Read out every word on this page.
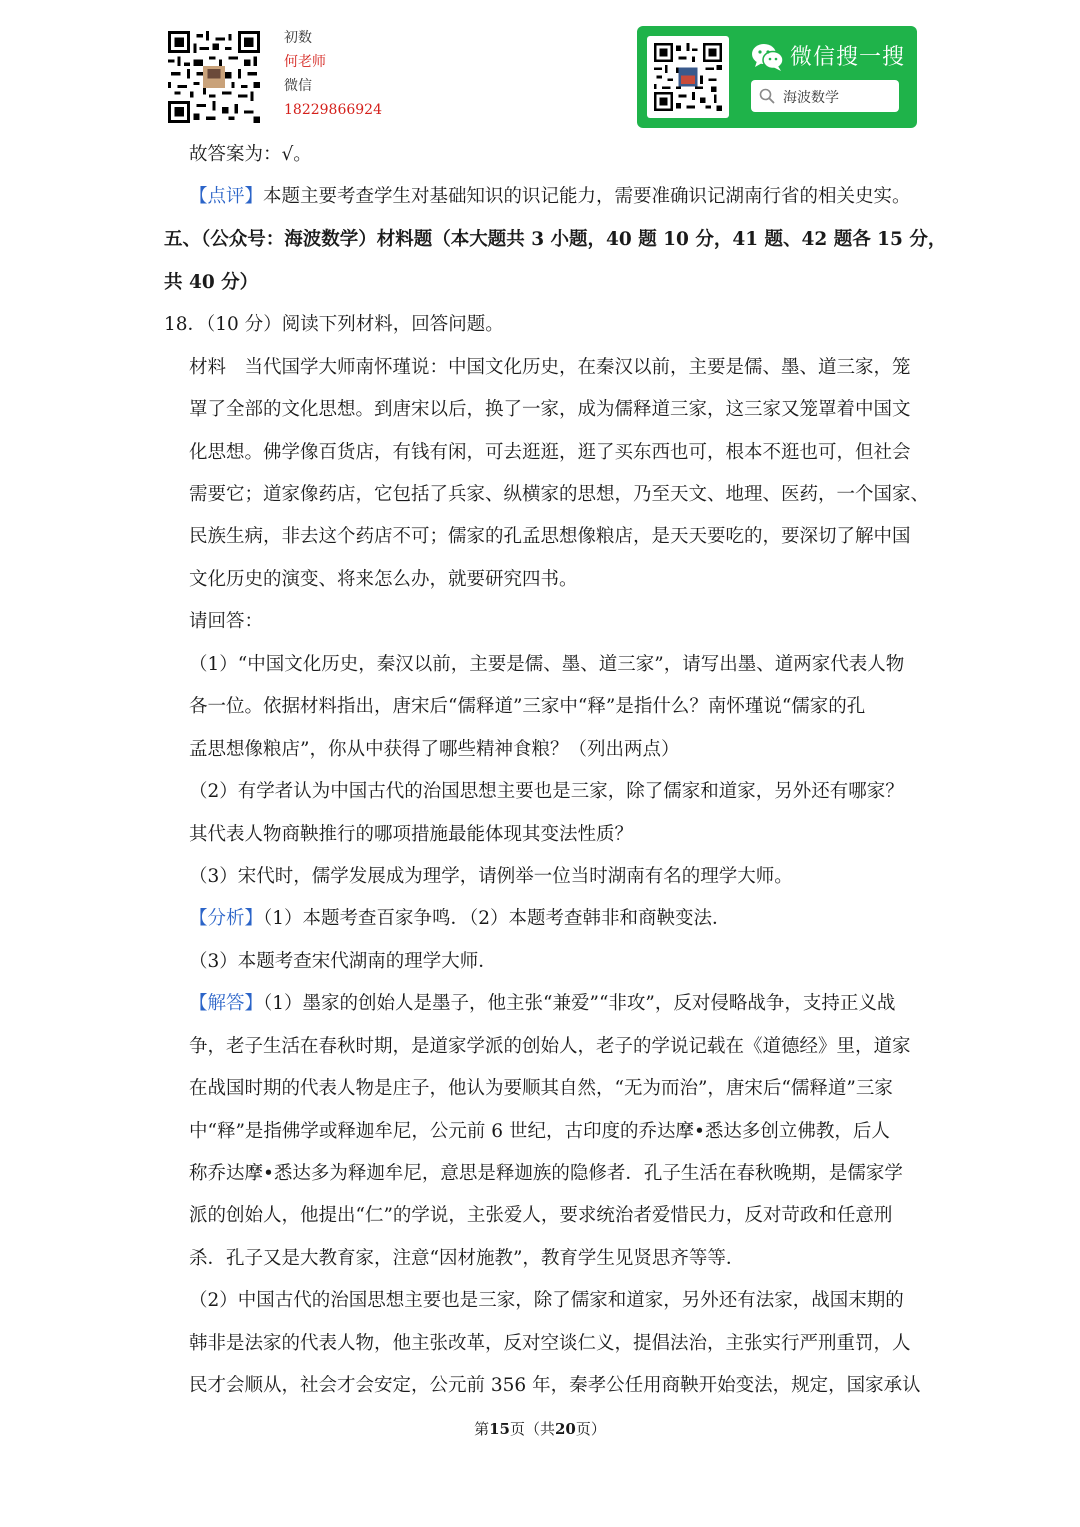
初数
何老师
微信
18229866924
微信搜一搜
海波数学
故答案为：√。
【点评】本题主要考查学生对基础知识的识记能力，需要准确识记湖南行省的相关史实。
五、（公众号：海波数学）材料题（本大题共 3 小题，40 题 10 分，41 题、42 题各 15 分，
共 40 分）
18．（10 分）阅读下列材料，回答问题。
材料　当代国学大师南怀瑾说：中国文化历史，在秦汉以前，主要是儒、墨、道三家，笼
罩了全部的文化思想。到唐宋以后，换了一家，成为儒释道三家，这三家又笼罩着中国文
化思想。佛学像百货店，有钱有闲，可去逛逛，逛了买东西也可，根本不逛也可，但社会
需要它；道家像药店，它包括了兵家、纵横家的思想，乃至天文、地理、医药，一个国家、
民族生病，非去这个药店不可；儒家的孔孟思想像粮店，是天天要吃的，要深切了解中国
文化历史的演变、将来怎么办，就要研究四书。
请回答：
（1）“中国文化历史，秦汉以前，主要是儒、墨、道三家”，请写出墨、道两家代表人物
各一位。依据材料指出，唐宋后“儒释道”三家中“释”是指什么？南怀瑾说“儒家的孔
孟思想像粮店”，你从中获得了哪些精神食粮？（列出两点）
（2）有学者认为中国古代的治国思想主要也是三家，除了儒家和道家，另外还有哪家？
其代表人物商鞅推行的哪项措施最能体现其变法性质？
（3）宋代时，儒学发展成为理学，请例举一位当时湖南有名的理学大师。
【分析】（1）本题考查百家争鸣．（2）本题考查韩非和商鞅变法．
（3）本题考查宋代湖南的理学大师．
【解答】（1）墨家的创始人是墨子，他主张“兼爱”“非攻”，反对侵略战争，支持正义战
争，老子生活在春秋时期，是道家学派的创始人，老子的学说记载在《道德经》里，道家
在战国时期的代表人物是庄子，他认为要顺其自然，“无为而治”，唐宋后“儒释道”三家
中“释”是指佛学或释迦牟尼，公元前 6 世纪，古印度的乔达摩•悉达多创立佛教，后人
称乔达摩•悉达多为释迦牟尼，意思是释迦族的隐修者．孔子生活在春秋晚期，是儒家学
派的创始人，他提出“仁”的学说，主张爱人，要求统治者爱惜民力，反对苛政和任意刑
杀．孔子又是大教育家，注意“因材施教”，教育学生见贤思齐等等．
（2）中国古代的治国思想主要也是三家，除了儒家和道家，另外还有法家，战国末期的
韩非是法家的代表人物，他主张改革，反对空谈仁义，提倡法治，主张实行严刑重罚，人
民才会顺从，社会才会安定，公元前 356 年，秦孝公任用商鞅开始变法，规定，国家承认
第15页（共20页）
